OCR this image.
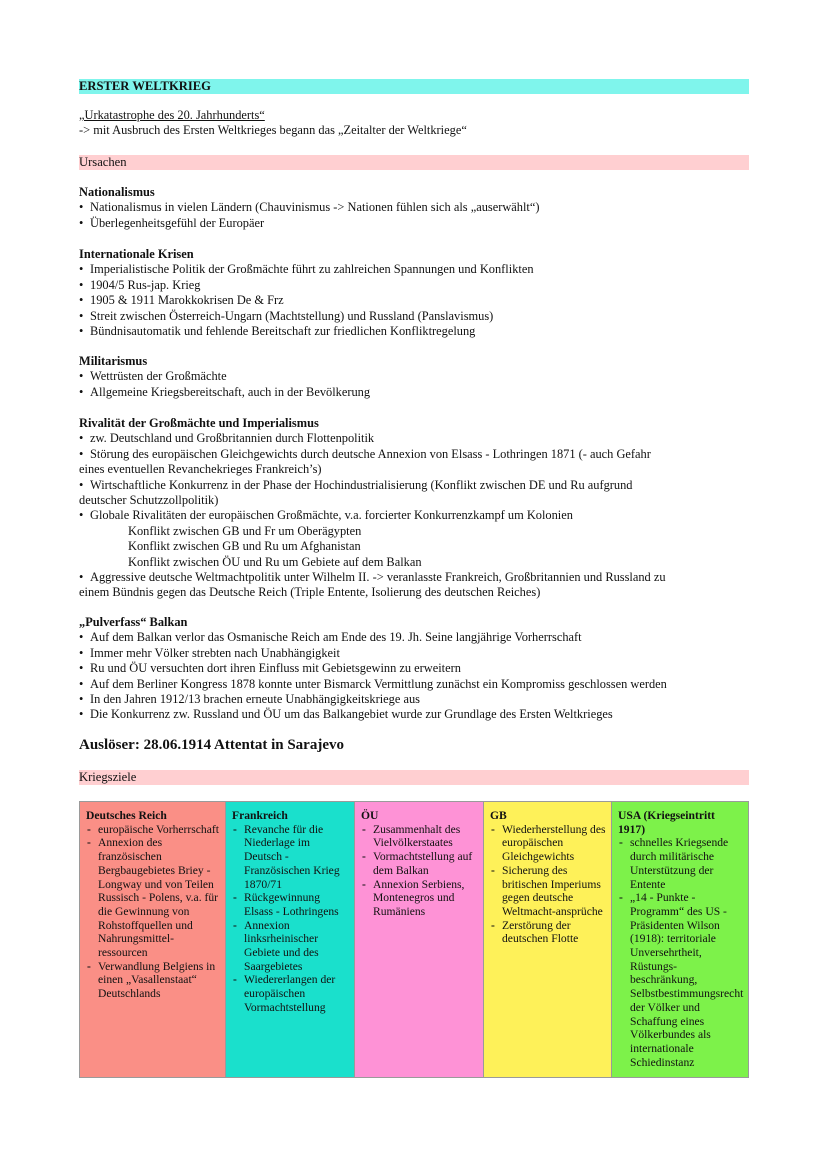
ERSTER WELTKRIEG
„Urkatastrophe des 20. Jahrhunderts“
-> mit Ausbruch des Ersten Weltkrieges begann das „Zeitalter der Weltkriege“
Ursachen
Nationalismus
• Nationalismus in vielen Ländern (Chauvinismus -> Nationen fühlen sich als „auserwählt“)
• Überlegenheitsgefühl der Europäer
Internationale Krisen
• Imperialistische Politik der Großmächte führt zu zahlreichen Spannungen und Konflikten
• 1904/5 Rus-jap. Krieg
• 1905 & 1911 Marokkokrisen De & Frz
• Streit zwischen Österreich-Ungarn (Machtstellung) und Russland (Panslavismus)
• Bündnisautomatik und fehlende Bereitschaft zur friedlichen Konfliktregelung
Militarismus
• Wettrüsten der Großmächte
• Allgemeine Kriegsbereitschaft, auch in der Bevölkerung
Rivalität der Großmächte und Imperialismus
• zw. Deutschland und Großbritannien durch Flottenpolitik
• Störung des europäischen Gleichgewichts durch deutsche Annexion von Elsass - Lothringen 1871 (- auch Gefahr
eines eventuellen Revanchekrieges Frankreich’s)
• Wirtschaftliche Konkurrenz in der Phase der Hochindustrialisierung (Konflikt zwischen DE und Ru aufgrund
deutscher Schutzzollpolitik)
• Globale Rivalitäten der europäischen Großmächte, v.a. forcierter Konkurrenzkampf um Kolonien
Konflikt zwischen GB und Fr um Oberägypten
Konflikt zwischen GB und Ru um Afghanistan
Konflikt zwischen ÖU und Ru um Gebiete auf dem Balkan
• Aggressive deutsche Weltmachtpolitik unter Wilhelm II. -> veranlasste Frankreich, Großbritannien und Russland zu
einem Bündnis gegen das Deutsche Reich (Triple Entente, Isolierung des deutschen Reiches)
„Pulverfass“ Balkan
• Auf dem Balkan verlor das Osmanische Reich am Ende des 19. Jh. Seine langjährige Vorherrschaft
• Immer mehr Völker strebten nach Unabhängigkeit
• Ru und ÖU versuchten dort ihren Einfluss mit Gebietsgewinn zu erweitern
• Auf dem Berliner Kongress 1878 konnte unter Bismarck Vermittlung zunächst ein Kompromiss geschlossen werden
• In den Jahren 1912/13 brachen erneute Unabhängigkeitskriege aus
• Die Konkurrenz zw. Russland und ÖU um das Balkangebiet wurde zur Grundlage des Ersten Weltkrieges
Auslöser: 28.06.1914 Attentat in Sarajevo
Kriegsziele
Deutsches Reich
- europäische Vorherrschaft
- Annexion des französischen Bergbaugebietes Briey - Longway und von Teilen Russisch - Polens, v.a. für die Gewinnung von Rohstoffquellen und Nahrungsmittel-ressourcen
- Verwandlung Belgiens in einen „Vasallenstaat“ Deutschlands
Frankreich
- Revanche für die Niederlage im Deutsch - Französischen Krieg 1870/71
- Rückgewinnung Elsass - Lothringens
- Annexion linksrheinischer Gebiete und des Saargebietes
- Wiedererlangen der europäischen Vormachtstellung
ÖU
- Zusammenhalt des Vielvölkerstaates
- Vormachtstellung auf dem Balkan
- Annexion Serbiens, Montenegros und Rumäniens
GB
- Wiederherstellung des europäischen Gleichgewichts
- Sicherung des britischen Imperiums gegen deutsche Weltmacht-ansprüche
- Zerstörung der deutschen Flotte
USA (Kriegseintritt 1917)
- schnelles Kriegsende durch militärische Unterstützung der Entente
- „14 - Punkte - Programm“ des US - Präsidenten Wilson (1918): territoriale Unversehrtheit, Rüstungs-beschränkung, Selbstbestimmungsrecht der Völker und Schaffung eines Völkerbundes als internationale Schiedinstanz
